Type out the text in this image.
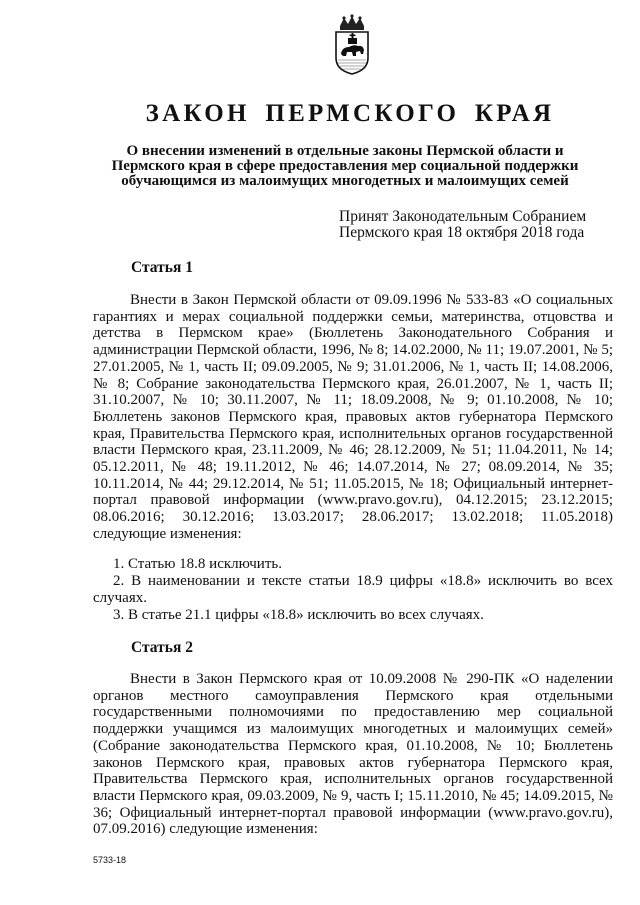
ЗАКОН ПЕРМСКОГО КРАЯ
О внесении изменений в отдельные законы Пермской области и Пермского края в сфере предоставления мер социальной поддержки обучающимся из малоимущих многодетных и малоимущих семей
Принят Законодательным Собранием
Пермского края 18 октября 2018 года
Статья 1
Внести в Закон Пермской области от 09.09.1996 № 533-83 «О социальных гарантиях и мерах социальной поддержки семьи, материнства, отцовства и детства в Пермском крае» (Бюллетень Законодательного Собрания и администрации Пермской области, 1996, № 8; 14.02.2000, № 11; 19.07.2001, № 5; 27.01.2005, № 1, часть II; 09.09.2005, № 9; 31.01.2006, № 1, часть II; 14.08.2006, № 8; Собрание законодательства Пермского края, 26.01.2007, № 1, часть II; 31.10.2007, № 10; 30.11.2007, № 11; 18.09.2008, № 9; 01.10.2008, № 10; Бюллетень законов Пермского края, правовых актов губернатора Пермского края, Правительства Пермского края, исполнительных органов государственной власти Пермского края, 23.11.2009, № 46; 28.12.2009, № 51; 11.04.2011, № 14; 05.12.2011, № 48; 19.11.2012, № 46; 14.07.2014, № 27; 08.09.2014, № 35; 10.11.2014, № 44; 29.12.2014, № 51; 11.05.2015, № 18; Официальный интернет-портал правовой информации (www.pravo.gov.ru), 04.12.2015; 23.12.2015; 08.06.2016; 30.12.2016; 13.03.2017; 28.06.2017; 13.02.2018; 11.05.2018) следующие изменения:
1. Статью 18.8 исключить.
2. В наименовании и тексте статьи 18.9 цифры «18.8» исключить во всех случаях.
3. В статье 21.1 цифры «18.8» исключить во всех случаях.
Статья 2
Внести в Закон Пермского края от 10.09.2008 № 290-ПК «О наделении органов местного самоуправления Пермского края отдельными государственными полномочиями по предоставлению мер социальной поддержки учащимся из малоимущих многодетных и малоимущих семей» (Собрание законодательства Пермского края, 01.10.2008, № 10; Бюллетень законов Пермского края, правовых актов губернатора Пермского края, Правительства Пермского края, исполнительных органов государственной власти Пермского края, 09.03.2009, № 9, часть I; 15.11.2010, № 45; 14.09.2015, № 36; Официальный интернет-портал правовой информации (www.pravo.gov.ru), 07.09.2016) следующие изменения:
5733-18
